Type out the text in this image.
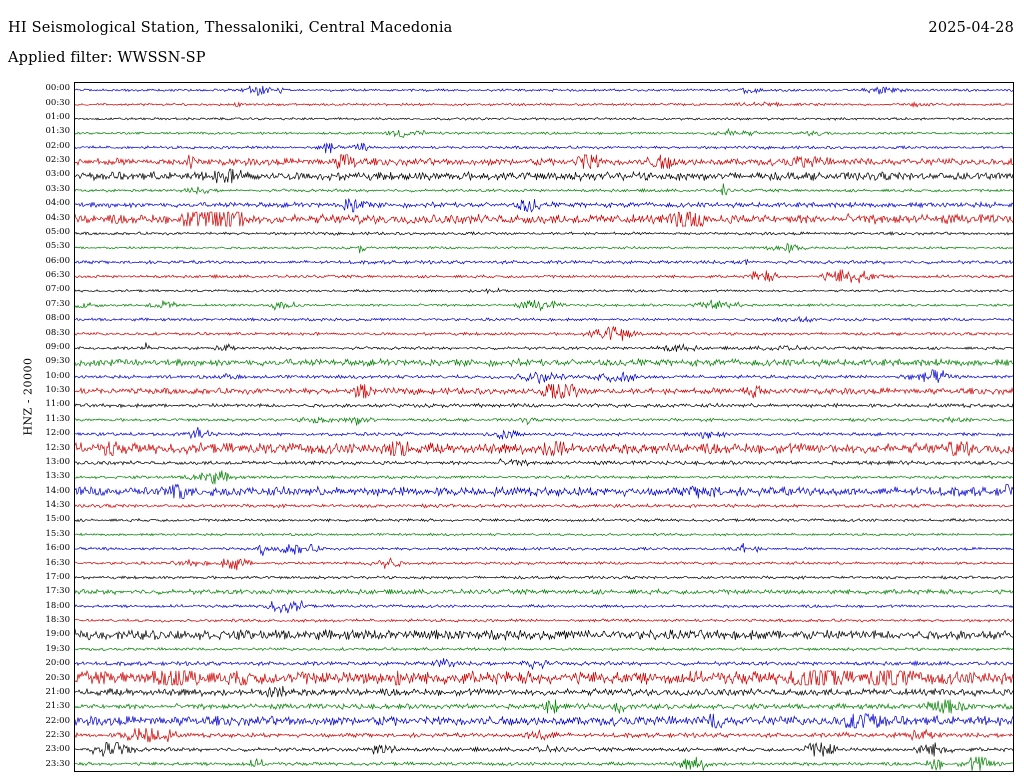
HI Seismological Station, Thessaloniki, Central Macedonia	2025-04-28
Applied filter: WWSSN-SP
HNZ - 20000
00:00
00:30
01:00
01:30
02:00
02:30
03:00
03:30
04:00
04:30
05:00
05:30
06:00
06:30
07:00
07:30
08:00
08:30
09:00
09:30
10:00
10:30
11:00
11:30
12:00
12:30
13:00
13:30
14:00
14:30
15:00
15:30
16:00
16:30
17:00
17:30
18:00
18:30
19:00
19:30
20:00
20:30
21:00
21:30
22:00
22:30
23:00
23:30
